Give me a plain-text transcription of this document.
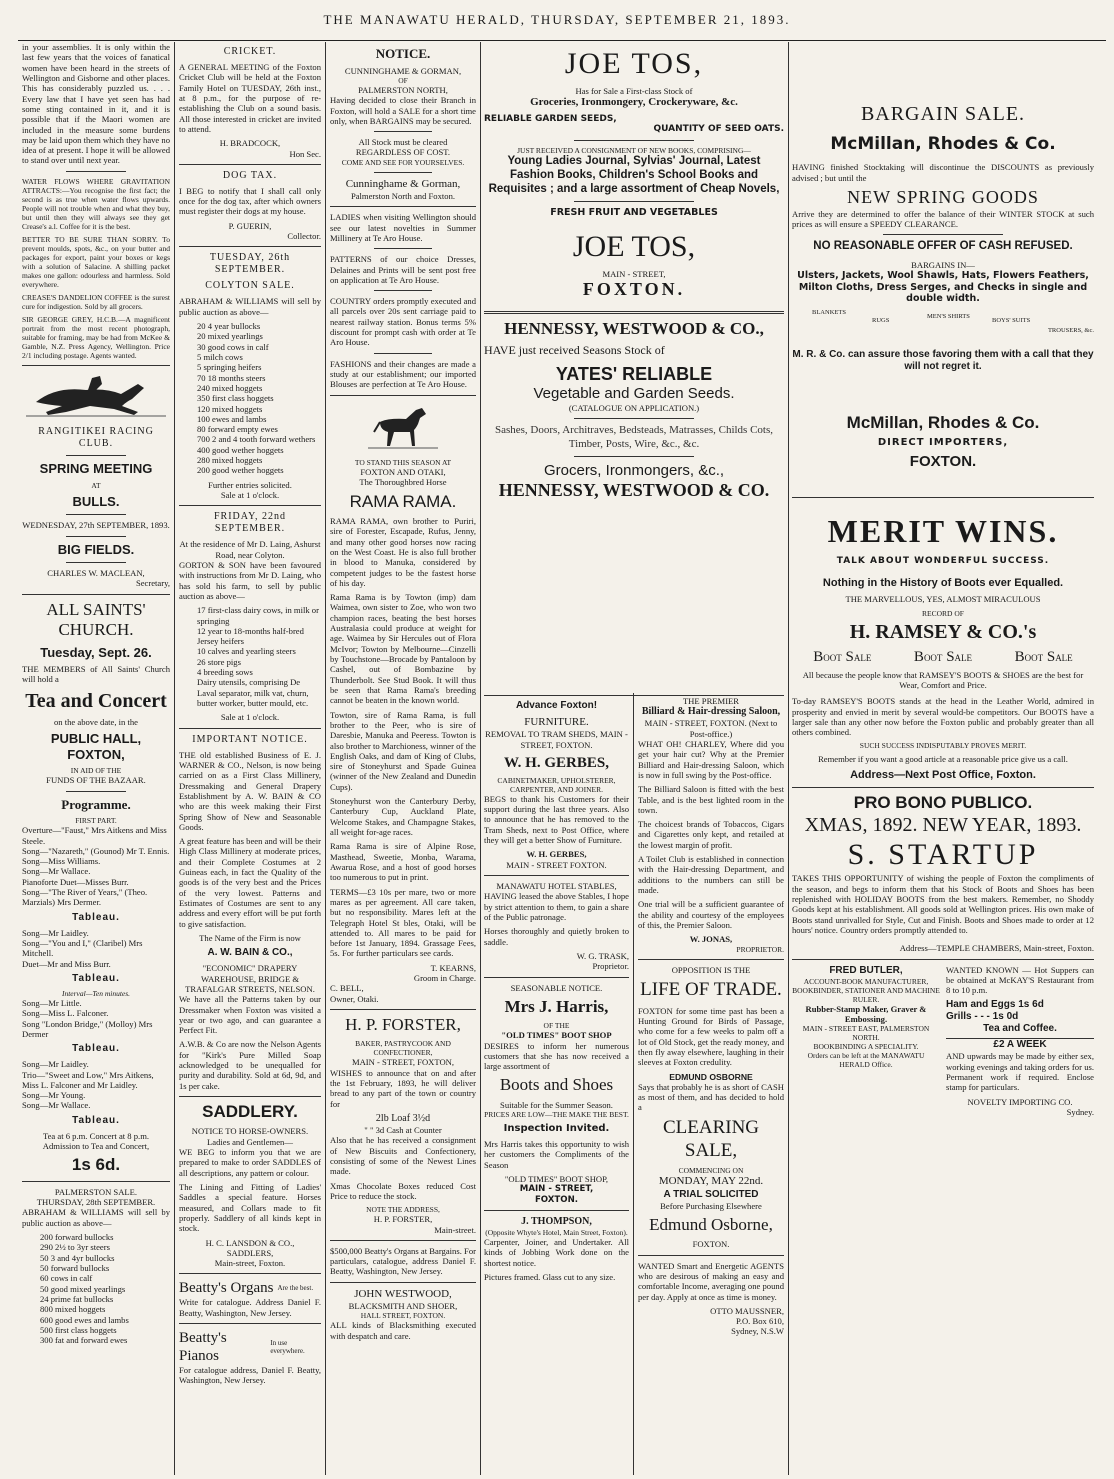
THE MANAWATU HERALD, THURSDAY, SEPTEMBER 21, 1893.

in your assemblies. It is only within the last few years that the voices of fanatical women have been heard in the streets of Wellington and Gisborne and other places. This has considerably puzzled us. . . . Every law that I have yet seen has had some sting contained in it, and it is possible that if the Maori women are included in the measure some burdens may be laid upon them which they have no idea of at present. I hope it will be allowed to stand over until next year.

WATER FLOWS WHERE GRAVITATION ATTRACTS:—You recognise the first fact; the second is as true when water flows upwards. People will not trouble when and what they buy, but until then they will always see they get Crease's a.l. Coffee for it is the best.

BETTER TO BE SURE THAN SORRY. To prevent moulds, spots, &c., on your butter and packages for export, paint your boxes or kegs with a solution of Salacine. A shilling packet makes one gallon: odourless and harmless. Sold everywhere.

CREASE'S DANDELION COFFEE is the surest cure for indigestion. Sold by all grocers.

SIR GEORGE GREY, H.C.B.—A magnificent portrait from the most recent photograph, suitable for framing, may be had from McKee & Gamble, N.Z. Press Agency, Wellington. Price 2/1 including postage. Agents wanted.

RANGITIKEI RACING CLUB.
SPRING MEETING
AT
BULLS.
WEDNESDAY, 27th SEPTEMBER, 1893.
BIG FIELDS.
CHARLES W. MACLEAN,
Secretary,
ALL SAINTS' CHURCH.
Tuesday, Sept. 26.

THE MEMBERS of All Saints' Church will hold a

Tea and Concert
on the above date, in the
PUBLIC HALL, FOXTON,
IN AID OF THE
FUNDS OF THE BAZAAR.
Programme.
FIRST PART.
Overture—"Faust," Mrs Aitkens and Miss Steele.
Song—"Nazareth," (Gounod) Mr T. Ennis.
Song—Miss Williams.
Song—Mr Wallace.
Pianoforte Duet—Misses Burr.
Song—"The River of Years," (Theo. Marzials) Mrs Dermer.
Tableau.
Song—Mr Laidley.
Song—"You and I," (Claribel) Mrs Mitchell.
Duet—Mr and Miss Burr.
Tableau.
Interval—Ten minutes.
Song—Mr Little.
Song—Miss L. Falconer.
Song "London Bridge," (Molloy) Mrs Dermer
Tableau.
Song—Mr Laidley.
Trio—"Sweet and Low," Mrs Aitkens, Miss L. Falconer and Mr Laidley.
Song—Mr Young.
Song—Mr Wallace.
Tableau.
Tea at 6 p.m. Concert at 8 p.m.
Admission to Tea and Concert,
1s 6d.
PALMERSTON SALE.
THURSDAY, 28th SEPTEMBER.

ABRAHAM & WILLIAMS will sell by public auction as above—

200 forward bullocks
290 2½ to 3yr steers
50 3 and 4yr bullocks
50 forward bullocks
60 cows in calf
50 good mixed yearlings
24 prime fat bullocks
800 mixed hoggets
600 good ewes and lambs
500 first class hoggets
300 fat and forward ewes
CRICKET.

A GENERAL MEETING of the Foxton Cricket Club will be held at the Foxton Family Hotel on TUESDAY, 26th inst., at 8 p.m., for the purpose of re-establishing the Club on a sound basis. All those interested in cricket are invited to attend.

H. BRADCOCK,
Hon Sec.
DOG TAX.

I BEG to notify that I shall call only once for the dog tax, after which owners must register their dogs at my house.

P. GUERIN,
Collector.
TUESDAY, 26th SEPTEMBER.
COLYTON SALE.

ABRAHAM & WILLIAMS will sell by public auction as above—

20 4 year bullocks
20 mixed yearlings
30 good cows in calf
5 milch cows
5 springing heifers
70 18 months steers
240 mixed hoggets
350 first class hoggets
120 mixed hoggets
100 ewes and lambs
80 forward empty ewes
700 2 and 4 tooth forward wethers
400 good wether hoggets
280 mixed hoggets
200 good wether hoggets
Further entries solicited.
Sale at 1 o'clock.
FRIDAY, 22nd SEPTEMBER.
At the residence of Mr D. Laing, Ashurst Road, near Colyton.

GORTON & SON have been favoured with instructions from Mr D. Laing, who has sold his farm, to sell by public auction as above—

17 first-class dairy cows, in milk or springing
12 year to 18-months half-bred Jersey heifers
10 calves and yearling steers
26 store pigs
4 breeding sows
Dairy utensils, comprising De Laval separator, milk vat, churn, butter worker, butter mould, etc.
Sale at 1 o'clock.
IMPORTANT NOTICE.

THE old established Business of E. J. WARNER & CO., Nelson, is now being carried on as a First Class Millinery, Dressmaking and General Drapery Establishment by A. W. BAIN & CO who are this week making their First Spring Show of New and Seasonable Goods.

A great feature has been and will be their High Class Millinery at moderate prices, and their Complete Costumes at 2 Guineas each, in fact the Quality of the goods is of the very best and the Prices of the very lowest. Patterns and Estimates of Costumes are sent to any address and every effort will be put forth to give satisfaction.

The Name of the Firm is now
A. W. BAIN & CO.,
"ECONOMIC" DRAPERY WAREHOUSE, BRIDGE & TRAFALGAR STREETS, NELSON.

We have all the Patterns taken by our Dressmaker when Foxton was visited a year or two ago, and can guarantee a Perfect Fit.

A.W.B. & Co are now the Nelson Agents for "Kirk's Pure Milled Soap acknowledged to be unequalled for purity and durability. Sold at 6d, 9d, and 1s per cake.

SADDLERY.
NOTICE TO HORSE-OWNERS.
Ladies and Gentlemen—

WE BEG to inform you that we are prepared to make to order SADDLES of all descriptions, any pattern or colour.

The Lining and Fitting of Ladies' Saddles a special feature. Horses measured, and Collars made to fit properly. Saddlery of all kinds kept in stock.

H. C. LANSDON & CO.,
SADDLERS,
Main-street, Foxton.
Beatty's Organs Are the best.

Write for catalogue. Address Daniel F. Beatty, Washington, New Jersey.

Beatty's Pianos
In use everywhere.

For catalogue address, Daniel F. Beatty, Washington, New Jersey.

NOTICE.
CUNNINGHAME & GORMAN,
OF
PALMERSTON NORTH,

Having decided to close their Branch in Foxton, will hold a SALE for a short time only, when BARGAINS may be secured.

All Stock must be cleared REGARDLESS OF COST.
COME AND SEE FOR YOURSELVES.
Cunninghame & Gorman,
Palmerston North and Foxton.

LADIES when visiting Wellington should see our latest novelties in Summer Millinery at Te Aro House.

PATTERNS of our choice Dresses, Delaines and Prints will be sent post free on application at Te Aro House.

COUNTRY orders promptly executed and all parcels over 20s sent carriage paid to nearest railway station. Bonus terms 5% discount for prompt cash with order at Te Aro House.

FASHIONS and their changes are made a study at our establishment; our imported Blouses are perfection at Te Aro House.

TO STAND THIS SEASON AT
FOXTON AND OTAKI,
The Thoroughbred Horse
RAMA RAMA.

RAMA RAMA, own brother to Puriri, sire of Forester, Escapade, Rufus, Jenny, and many other good horses now racing on the West Coast. He is also full brother in blood to Manuka, considered by competent judges to be the fastest horse of his day.

Rama Rama is by Towton (imp) dam Waimea, own sister to Zoe, who won two champion races, beating the best horses Australasia could produce at weight for age. Waimea by Sir Hercules out of Flora McIvor; Towton by Melbourne—Cinzelli by Touchstone—Brocade by Pantaloon by Cashel, out of Bombazine by Thunderbolt. See Stud Book. It will thus be seen that Rama Rama's breeding cannot be beaten in the known world.

Towton, sire of Rama Rama, is full brother to the Peer, who is sire of Daresbie, Manuka and Peeress. Towton is also brother to Marchioness, winner of the English Oaks, and dam of King of Clubs, sire of Stoneyhurst and Spade Guinea (winner of the New Zealand and Dunedin Cups).

Stoneyhurst won the Canterbury Derby, Canterbury Cup, Auckland Plate, Welcome Stakes, and Champagne Stakes, all weight for-age races.

Rama Rama is sire of Alpine Rose, Masthead, Sweetie, Monba, Warama, Awarua Rose, and a host of good horses too numerous to put in print.

TERMS—£3 10s per mare, two or more mares as per agreement. All care taken, but no responsibility. Mares left at the Telegraph Hotel St bles, Otaki, will be attended to. All mares to be paid for before 1st January, 1894. Grassage Fees, 5s. For further particulars see cards.

T. KEARNS,
Groom in Charge.
C. BELL,
Owner, Otaki.
H. P. FORSTER,
BAKER, PASTRYCOOK AND CONFECTIONER,
MAIN - STREET, FOXTON,

WISHES to announce that on and after the 1st February, 1893, he will deliver bread to any part of the town or country for

2lb Loaf 3½d
" " 3d Cash at Counter

Also that he has received a consignment of New Biscuits and Confectionery, consisting of some of the Newest Lines made.

Xmas Chocolate Boxes reduced Cost Price to reduce the stock.

NOTE THE ADDRESS,
H. P. FORSTER,
Main-street.

$500,000 Beatty's Organs at Bargains. For particulars, catalogue, address Daniel F. Beatty, Washington, New Jersey.

JOHN WESTWOOD,
BLACKSMITH AND SHOER,
HALL STREET, FOXTON.

ALL kinds of Blacksmithing executed with despatch and care.

JOE TOS,
Has for Sale a First-class Stock of
Groceries, Ironmongery, Crockeryware, &c.
RELIABLE GARDEN SEEDS,
QUANTITY OF SEED OATS.
JUST RECEIVED A CONSIGNMENT OF NEW BOOKS, COMPRISING—
Young Ladies Journal, Sylvias' Journal, Latest Fashion Books, Children's School Books and Requisites ; and a large assortment of Cheap Novels,
FRESH FRUIT AND VEGETABLES
JOE TOS,
MAIN - STREET,
FOXTON.
HENNESSY, WESTWOOD & CO.,
HAVE just received Seasons Stock of
YATES' RELIABLE
Vegetable and Garden Seeds.
(CATALOGUE ON APPLICATION.)
Sashes, Doors, Architraves, Bedsteads, Matrasses, Childs Cots, Timber, Posts, Wire, &c., &c.
Grocers, Ironmongers, &c.,
HENNESSY, WESTWOOD & CO.
Advance Foxton!
FURNITURE.
REMOVAL TO TRAM SHEDS, MAIN - STREET, FOXTON.
W. H. GERBES,
CABINETMAKER, UPHOLSTERER, CARPENTER, AND JOINER.

BEGS to thank his Customers for their support during the last three years. Also to announce that he has removed to the Tram Sheds, next to Post Office, where they will get a better Show of Furniture.

W. H. GERBES,
MAIN - STREET FOXTON.
MANAWATU HOTEL STABLES,

HAVING leased the above Stables, I hope by strict attention to them, to gain a share of the Public patronage.

Horses thoroughly and quietly broken to saddle.

W. G. TRASK,
Proprietor.
SEASONABLE NOTICE.
Mrs J. Harris,
OF THE
"OLD TIMES" BOOT SHOP

DESIRES to inform her numerous customers that she has now received a large assortment of

Boots and Shoes
Suitable for the Summer Season.
PRICES ARE LOW—THE MAKE THE BEST.
Inspection Invited.

Mrs Harris takes this opportunity to wish her customers the Compliments of the Season

"OLD TIMES" BOOT SHOP,
MAIN - STREET,
FOXTON.
J. THOMPSON,
(Opposite Whyte's Hotel, Main Street, Foxton).

Carpenter, Joiner, and Undertaker. All kinds of Jobbing Work done on the shortest notice.

Pictures framed. Glass cut to any size.

THE PREMIER
Billiard & Hair-dressing Saloon,
MAIN - STREET, FOXTON. (Next to Post-office.)

WHAT OH! CHARLEY, Where did you get your hair cut? Why at the Premier Billiard and Hair-dressing Saloon, which is now in full swing by the Post-office.

The Billiard Saloon is fitted with the best Table, and is the best lighted room in the town.

The choicest brands of Tobaccos, Cigars and Cigarettes only kept, and retailed at the lowest margin of profit.

A Toilet Club is established in connection with the Hair-dressing Department, and additions to the numbers can still be made.

One trial will be a sufficient guarantee of the ability and courtesy of the employees of this, the Premier Saloon.

W. JONAS,
PROPRIETOR.
OPPOSITION IS THE
LIFE OF TRADE.

FOXTON for some time past has been a Hunting Ground for Birds of Passage, who come for a few weeks to palm off a lot of Old Stock, get the ready money, and then fly away elsewhere, laughing in their sleeves at Foxton credulity.

EDMUND OSBORNE

Says that probably he is as short of CASH as most of them, and has decided to hold a

CLEARING SALE,
COMMENCING ON
MONDAY, MAY 22nd.
A TRIAL SOLICITED
Before Purchasing Elsewhere
Edmund Osborne,
FOXTON.

WANTED Smart and Energetic AGENTS who are desirous of making an easy and comfortable Income, averaging one pound per day. Apply at once as time is money.

OTTO MAUSSNER,
P.O. Box 610,
Sydney, N.S.W
BARGAIN SALE.
McMillan, Rhodes & Co.

HAVING finished Stocktaking will discontinue the DISCOUNTS as previously advised ; but until the

NEW SPRING GOODS

Arrive they are determined to offer the balance of their WINTER STOCK at such prices as will ensure a SPEEDY CLEARANCE.

NO REASONABLE OFFER OF CASH REFUSED.
BARGAINS IN—
Ulsters, Jackets, Wool Shawls, Hats, Flowers Feathers, Milton Cloths, Dress Serges, and Checks in single and double width.
BLANKETS
RUGS
MEN'S SHIRTS
BOYS' SUITS
TROUSERS, &c.
M. R. & Co. can assure those favoring them with a call that they will not regret it.
McMillan, Rhodes & Co.
DIRECT IMPORTERS,
FOXTON.
MERIT WINS.
TALK ABOUT WONDERFUL SUCCESS.
Nothing in the History of Boots ever Equalled.
THE MARVELLOUS, YES, ALMOST MIRACULOUS
RECORD OF
H. RAMSEY & CO.'s
BOOT SALE	BOOT SALE	BOOT SALE
All because the people know that RAMSEY'S BOOTS & SHOES are the best for Wear, Comfort and Price.

To-day RAMSEY'S BOOTS stands at the head in the Leather World, admired in prosperity and envied in merit by several would-be competitors. Our BOOTS have a larger sale than any other now before the Foxton public and probably greater than all others combined.

SUCH SUCCESS INDISPUTABLY PROVES MERIT.
Remember if you want a good article at a reasonable price give us a call.
Address—Next Post Office, Foxton.
PRO BONO PUBLICO.
XMAS, 1892. NEW YEAR, 1893.
S. STARTUP

TAKES THIS OPPORTUNITY of wishing the people of Foxton the compliments of the season, and begs to inform them that his Stock of Boots and Shoes has been replenished with HOLIDAY BOOTS from the best makers. Remember, no Shoddy Goods kept at his establishment. All goods sold at Wellington prices. His own make of Boots stand unrivalled for Style, Cut and Finish. Boots and Shoes made to order at 12 hours' notice. Country orders promptly attended to.

Address—TEMPLE CHAMBERS, Main-street, Foxton.
FRED BUTLER,
ACCOUNT-BOOK MANUFACTURER, BOOKBINDER, STATIONER AND MACHINE RULER.
Rubber-Stamp Maker, Graver & Embossing.
MAIN - STREET EAST, PALMERSTON NORTH.
BOOKBINDING A SPECIALITY.
Orders can be left at the MANAWATU HERALD Office.

WANTED KNOWN — Hot Suppers can be obtained at McKAY'S Restaurant from 8 to 10 p.m.

Ham and Eggs 1s 6d
Grills - - - 1s 0d
Tea and Coffee.
£2 A WEEK

AND upwards may be made by either sex, working evenings and taking orders for us. Permanent work if required. Enclose stamp for particulars.

NOVELTY IMPORTING CO.
Sydney.
